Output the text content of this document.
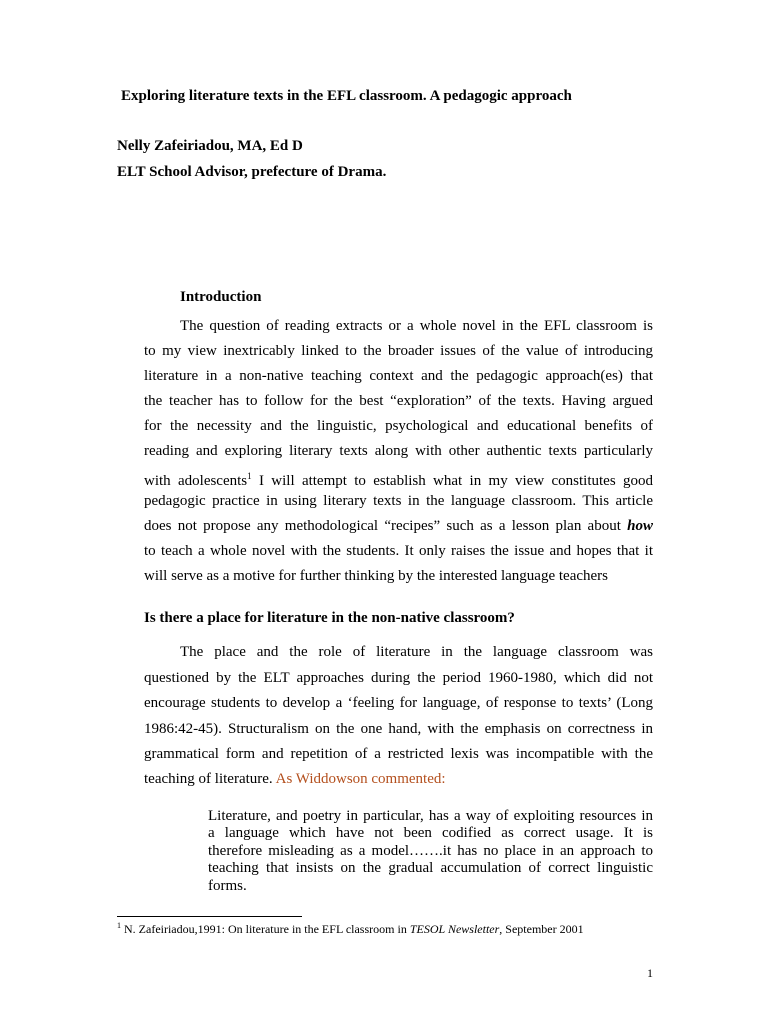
Exploring literature texts in the EFL classroom. A pedagogic approach
Nelly Zafeiriadou, MA, Ed D
ELT School Advisor, prefecture of Drama.
Introduction
The question of reading extracts or a whole novel in the EFL classroom is
to my view inextricably linked to the broader issues of the value of introducing
literature in a non-native teaching context and the pedagogic approach(es) that
the teacher has to follow for the best “exploration” of the texts. Having argued
for the necessity and the linguistic, psychological and educational benefits of
reading and exploring literary texts along with other authentic texts particularly
with adolescents$^1$ I will attempt to establish what in my view constitutes good
pedagogic practice in using literary texts in the language classroom. This article
does not propose any methodological “recipes” such as a lesson plan about how
to teach a whole novel with the students. It only raises the issue and hopes that it
will serve as a motive for further thinking by the interested language teachers
Is there a place for literature in the non-native classroom?
The place and the role of literature in the language classroom was
questioned by the ELT approaches during the period 1960-1980, which did not
encourage students to develop a ‘feeling for language, of response to texts’ (Long
1986:42-45). Structuralism on the one hand, with the emphasis on correctness in
grammatical form and repetition of a restricted lexis was incompatible with the
teaching of literature. As Widdowson commented:
Literature, and poetry in particular, has a way of exploiting resources in
a language which have not been codified as correct usage. It is
therefore misleading as a model…….it has no place in an approach to
teaching that insists on the gradual accumulation of correct linguistic
forms.
$^1$ N. Zafeiriadou,1991: On literature in the EFL classroom in TESOL Newsletter, September 2001
1
